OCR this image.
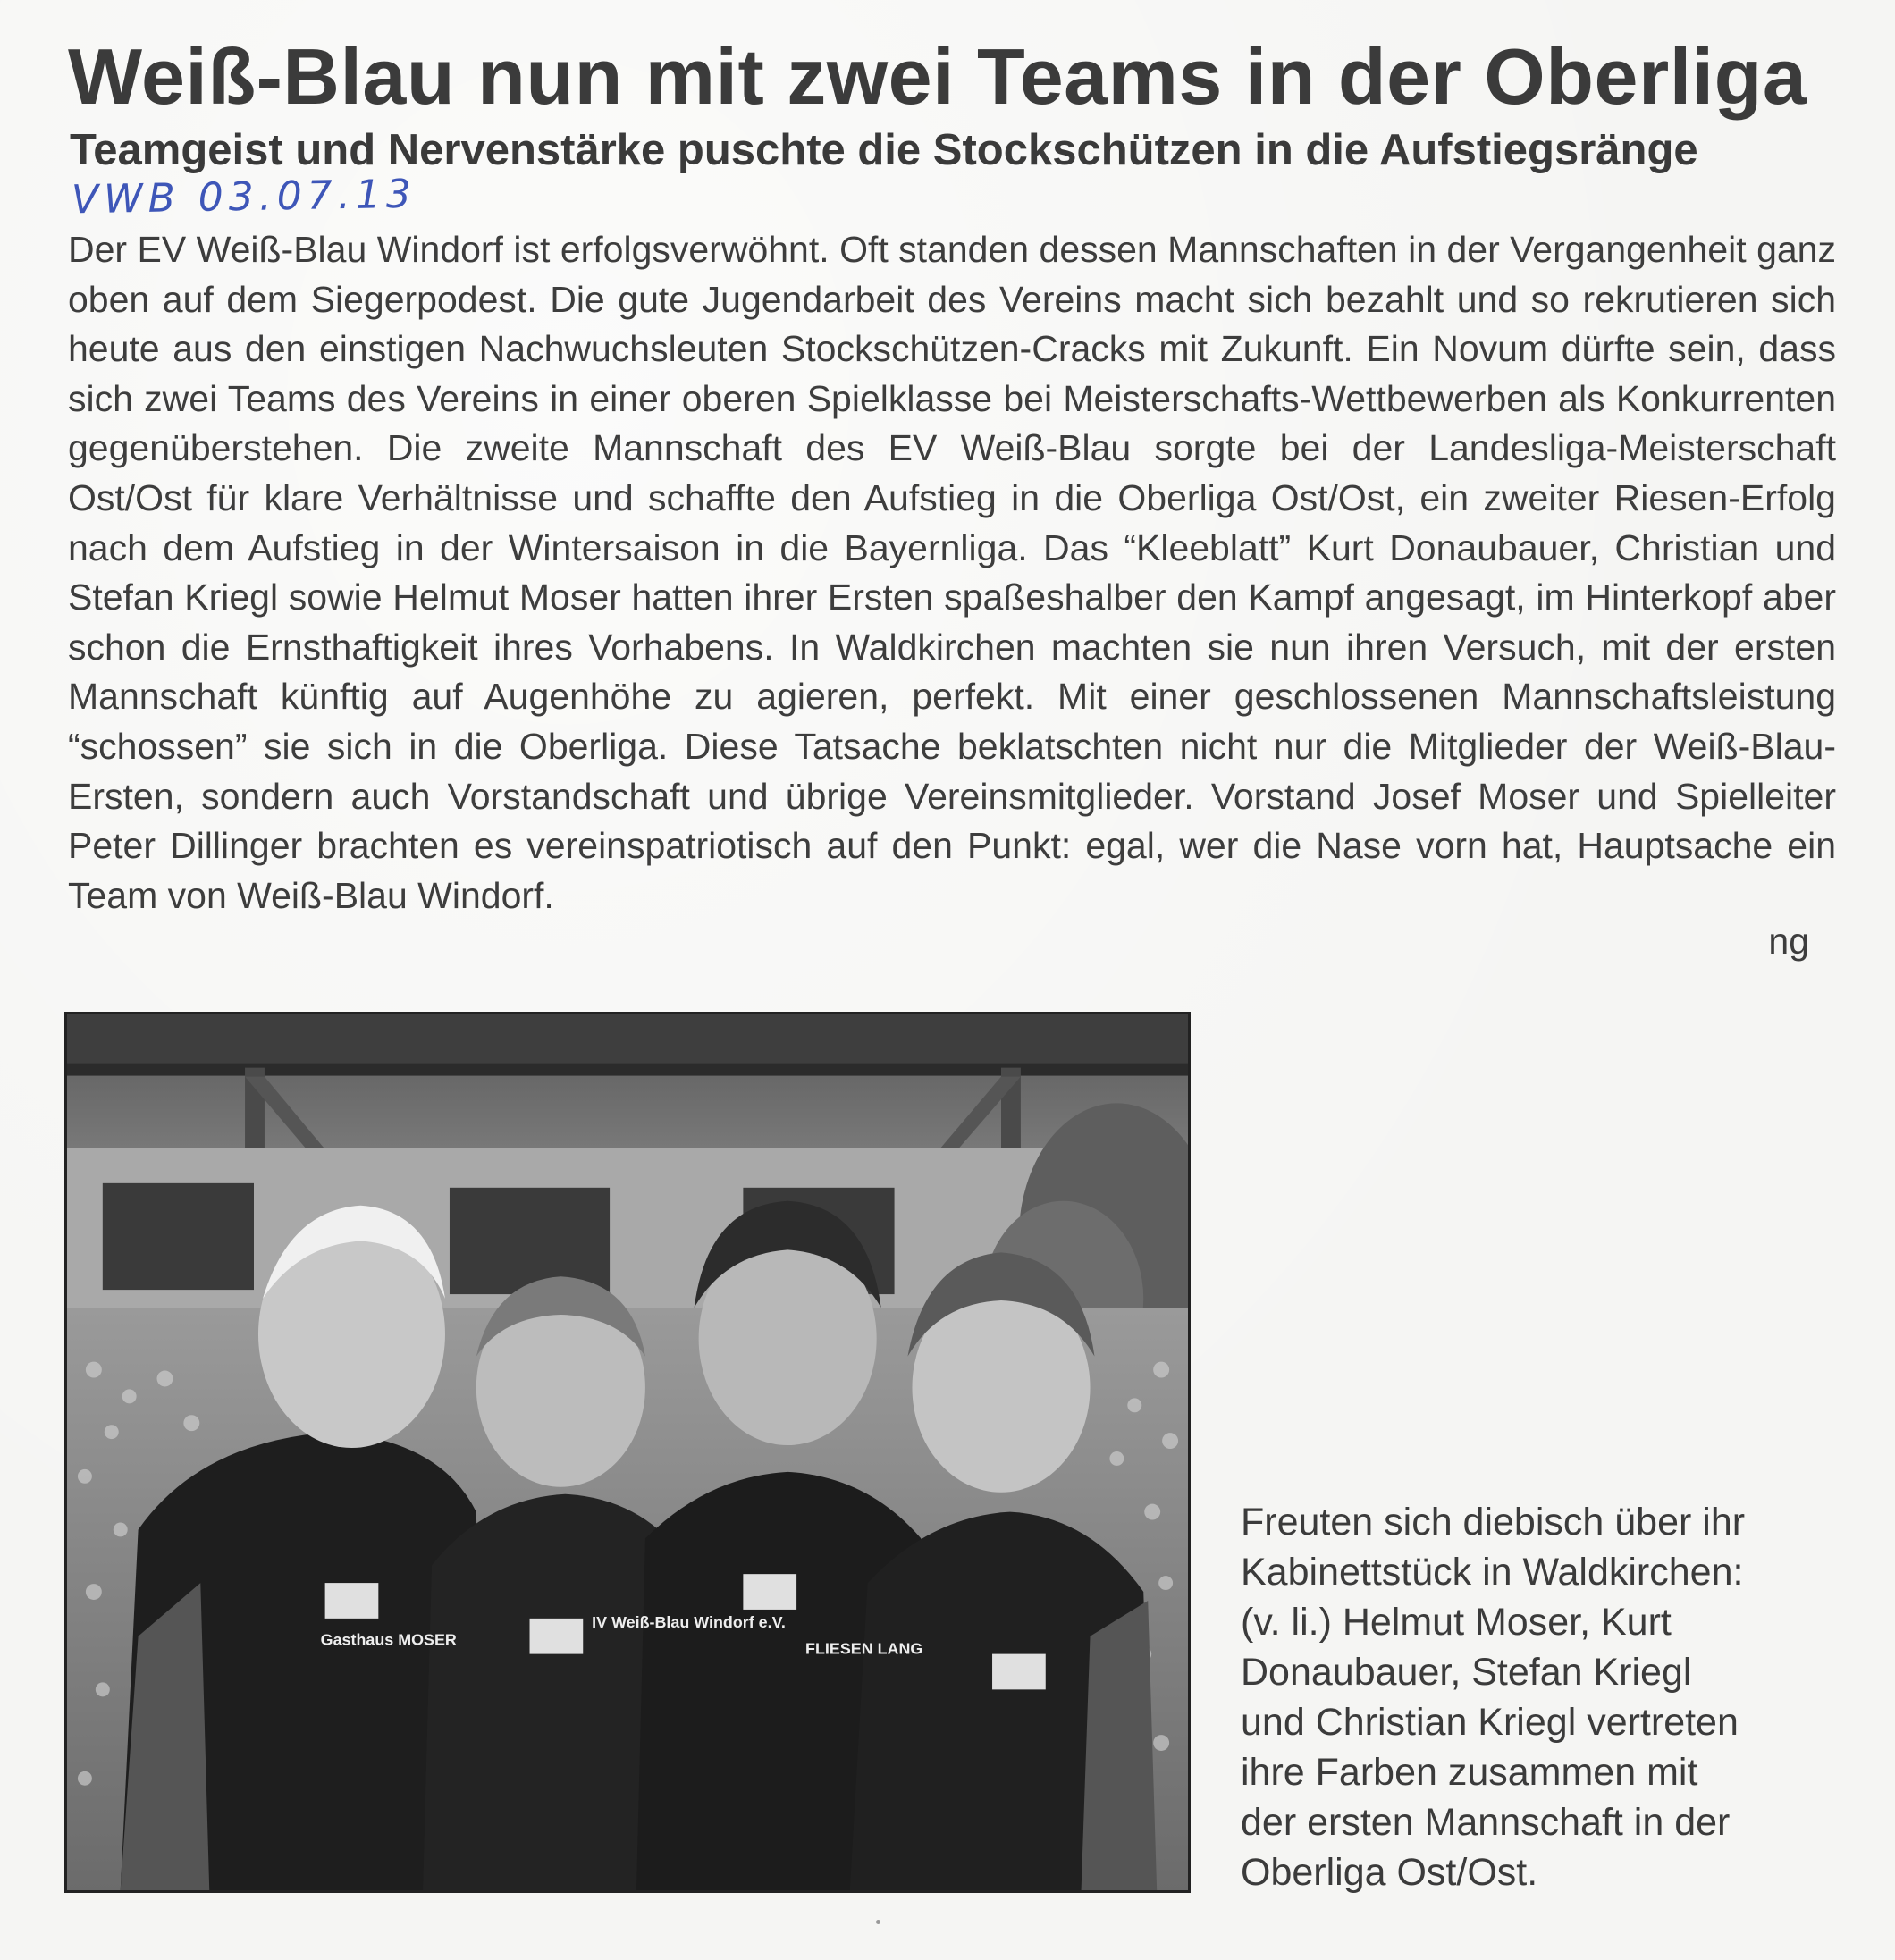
Weiß-Blau nun mit zwei Teams in der Oberliga
Teamgeist und Nervenstärke puschte die Stockschützen in die Aufstiegsränge
VWB 03.07.13

Der EV Weiß-Blau Windorf ist erfolgsverwöhnt. Oft standen dessen Mannschaften in der Vergangenheit ganz oben auf dem Siegerpodest. Die gute Jugendarbeit des Vereins macht sich bezahlt und so rekrutieren sich heute aus den einstigen Nachwuchsleuten Stockschützen-Cracks mit Zukunft. Ein Novum dürfte sein, dass sich zwei Teams des Vereins in einer oberen Spielklasse bei Meisterschafts-Wettbewerben als Konkurrenten gegenüberstehen. Die zweite Mannschaft des EV Weiß-Blau sorgte bei der Landesliga-Meisterschaft Ost/Ost für klare Verhältnisse und schaffte den Aufstieg in die Oberliga Ost/Ost, ein zweiter Riesen-Erfolg nach dem Aufstieg in der Wintersaison in die Bayernliga. Das “Kleeblatt” Kurt Donaubauer, Christian und Stefan Kriegl sowie Helmut Moser hatten ihrer Ersten spaßeshalber den Kampf angesagt, im Hinterkopf aber schon die Ernsthaftigkeit ihres Vorhabens. In Waldkirchen machten sie nun ihren Versuch, mit der ersten Mannschaft künftig auf Augenhöhe zu agieren, perfekt. Mit einer geschlossenen Mannschaftsleistung “schossen” sie sich in die Oberliga. Diese Tatsache beklatschten nicht nur die Mitglieder der Weiß-Blau-Ersten, sondern auch Vorstandschaft und übrige Vereinsmitglieder. Vorstand Josef Moser und Spielleiter Peter Dillinger brachten es vereinspatriotisch auf den Punkt: egal, wer die Nase vorn hat, Hauptsache ein Team von Weiß-Blau Windorf.

ng
Gasthaus MOSER
IV Weiß-Blau Windorf e.V.
FLIESEN LANG
Freuten sich diebisch über ihr
Kabinettstück in Waldkirchen:
(v. li.) Helmut Moser, Kurt
Donaubauer, Stefan Kriegl
und Christian Kriegl vertreten
ihre Farben zusammen mit
der ersten Mannschaft in der
Oberliga Ost/Ost.
